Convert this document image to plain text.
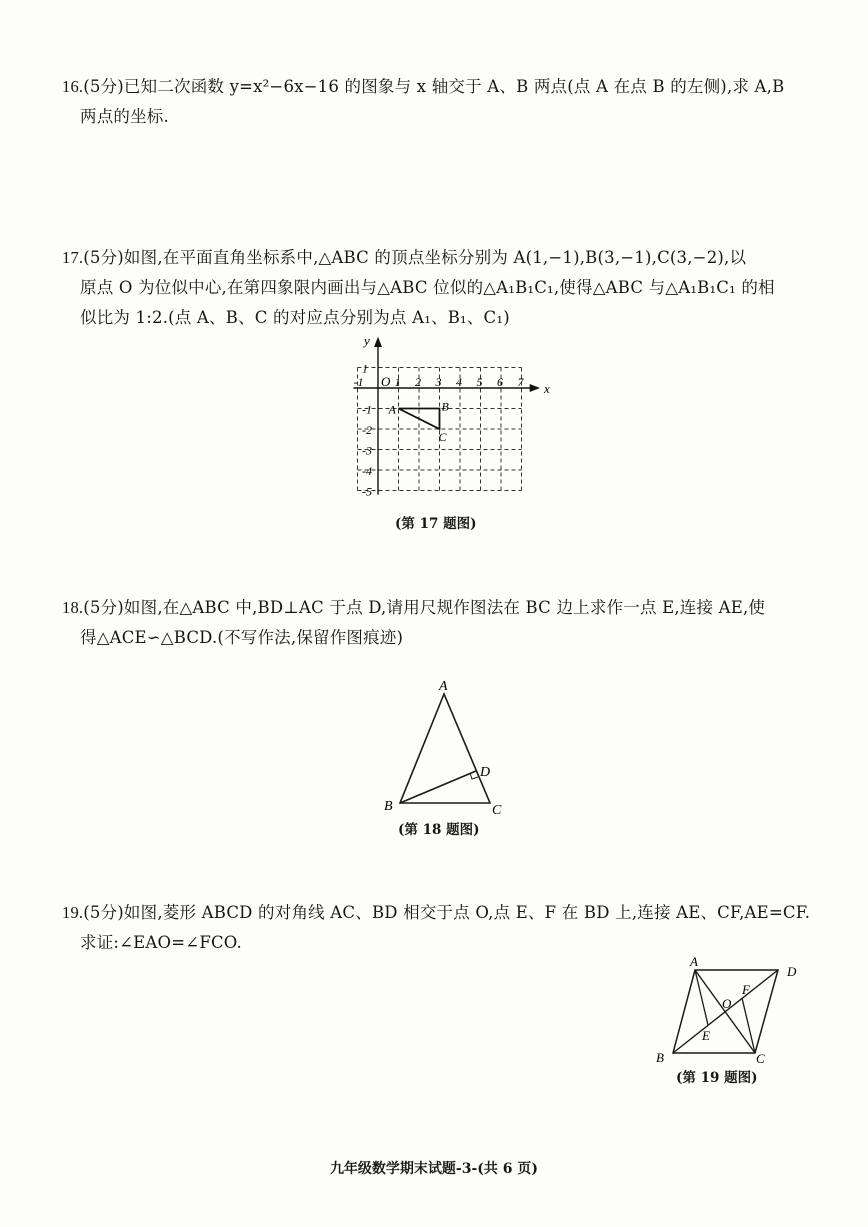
16.(5分)已知二次函数 y=x²−6x−16 的图象与 x 轴交于 A、B 两点(点 A 在点 B 的左侧),求 A,B

两点的坐标.

17.(5分)如图,在平面直角坐标系中,△ABC 的顶点坐标分别为 A(1,−1),B(3,−1),C(3,−2),以

原点 O 为位似中心,在第四象限内画出与△ABC 位似的△A₁B₁C₁,使得△ABC 与△A₁B₁C₁ 的相

似比为 1:2.(点 A、B、C 的对应点分别为点 A₁、B₁、C₁)

x
y
O
-1	1 2 3 4 5 6 7
1
-1
-2
-3
-4
-5
A	B
C
(第 17 题图)

18.(5分)如图,在△ABC 中,BD⊥AC 于点 D,请用尺规作图法在 BC 边上求作一点 E,连接 AE,使

得△ACE∽△BCD.(不写作法,保留作图痕迹)

A
B	C
D
(第 18 题图)

19.(5分)如图,菱形 ABCD 的对角线 AC、BD 相交于点 O,点 E、F 在 BD 上,连接 AE、CF,AE=CF.

求证:∠EAO=∠FCO.

A
B	C
D
O
E
F
(第 19 题图)
九年级数学期末试题-3-(共 6 页)
